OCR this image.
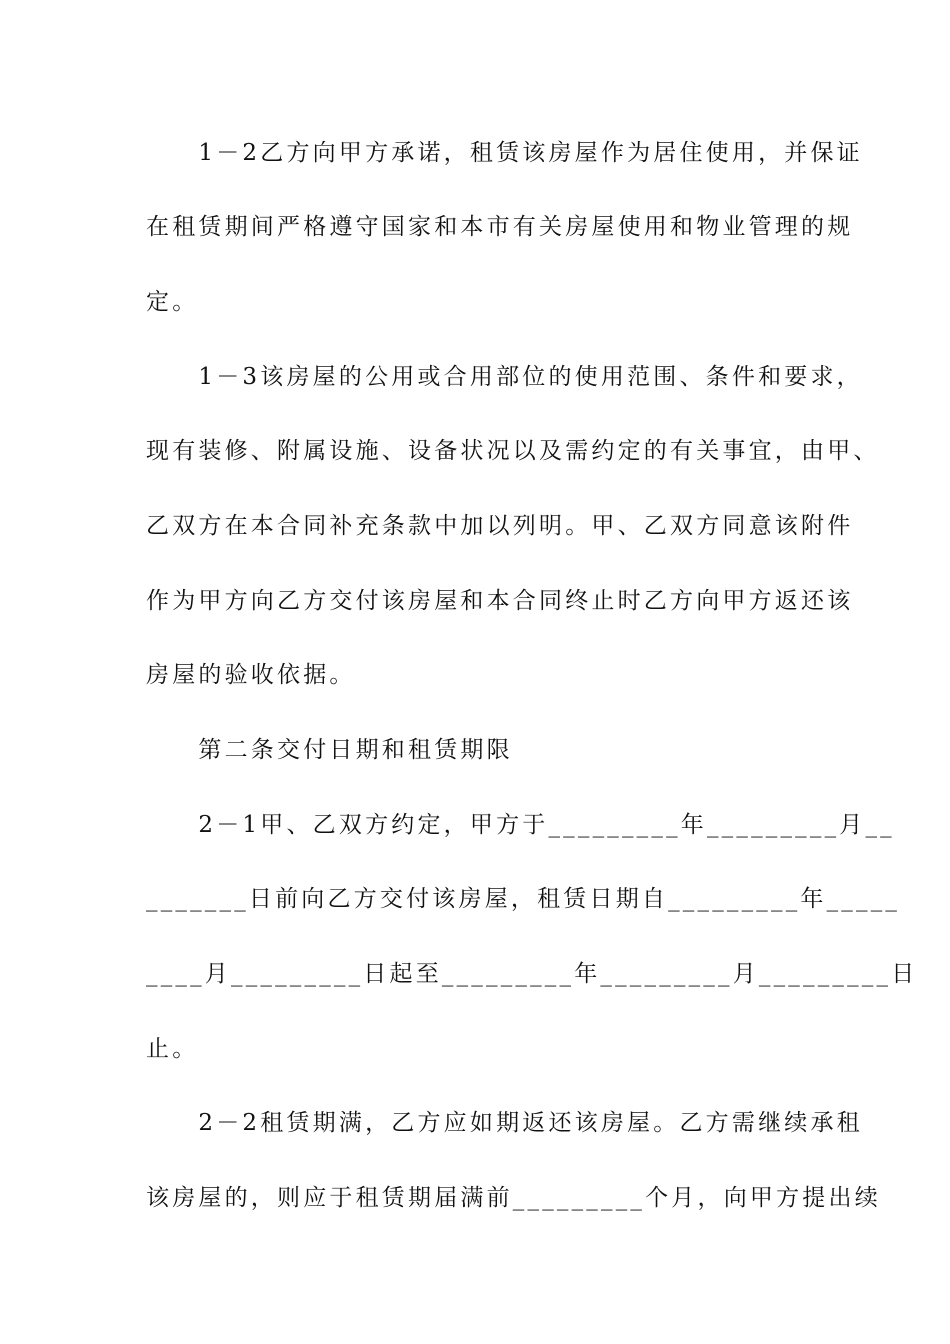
　　1－2乙方向甲方承诺，租赁该房屋作为居住使用，并保证
在租赁期间严格遵守国家和本市有关房屋使用和物业管理的规
定。
　　1－3该房屋的公用或合用部位的使用范围、条件和要求，
现有装修、附属设施、设备状况以及需约定的有关事宜，由甲、
乙双方在本合同补充条款中加以列明。甲、乙双方同意该附件
作为甲方向乙方交付该房屋和本合同终止时乙方向甲方返还该
房屋的验收依据。
　　第二条交付日期和租赁期限
　　2－1甲、乙双方约定，甲方于_________年_________月__
_______日前向乙方交付该房屋，租赁日期自_________年_____
____月_________日起至_________年_________月_________日
止。
　　2－2租赁期满，乙方应如期返还该房屋。乙方需继续承租
该房屋的，则应于租赁期届满前_________个月，向甲方提出续
